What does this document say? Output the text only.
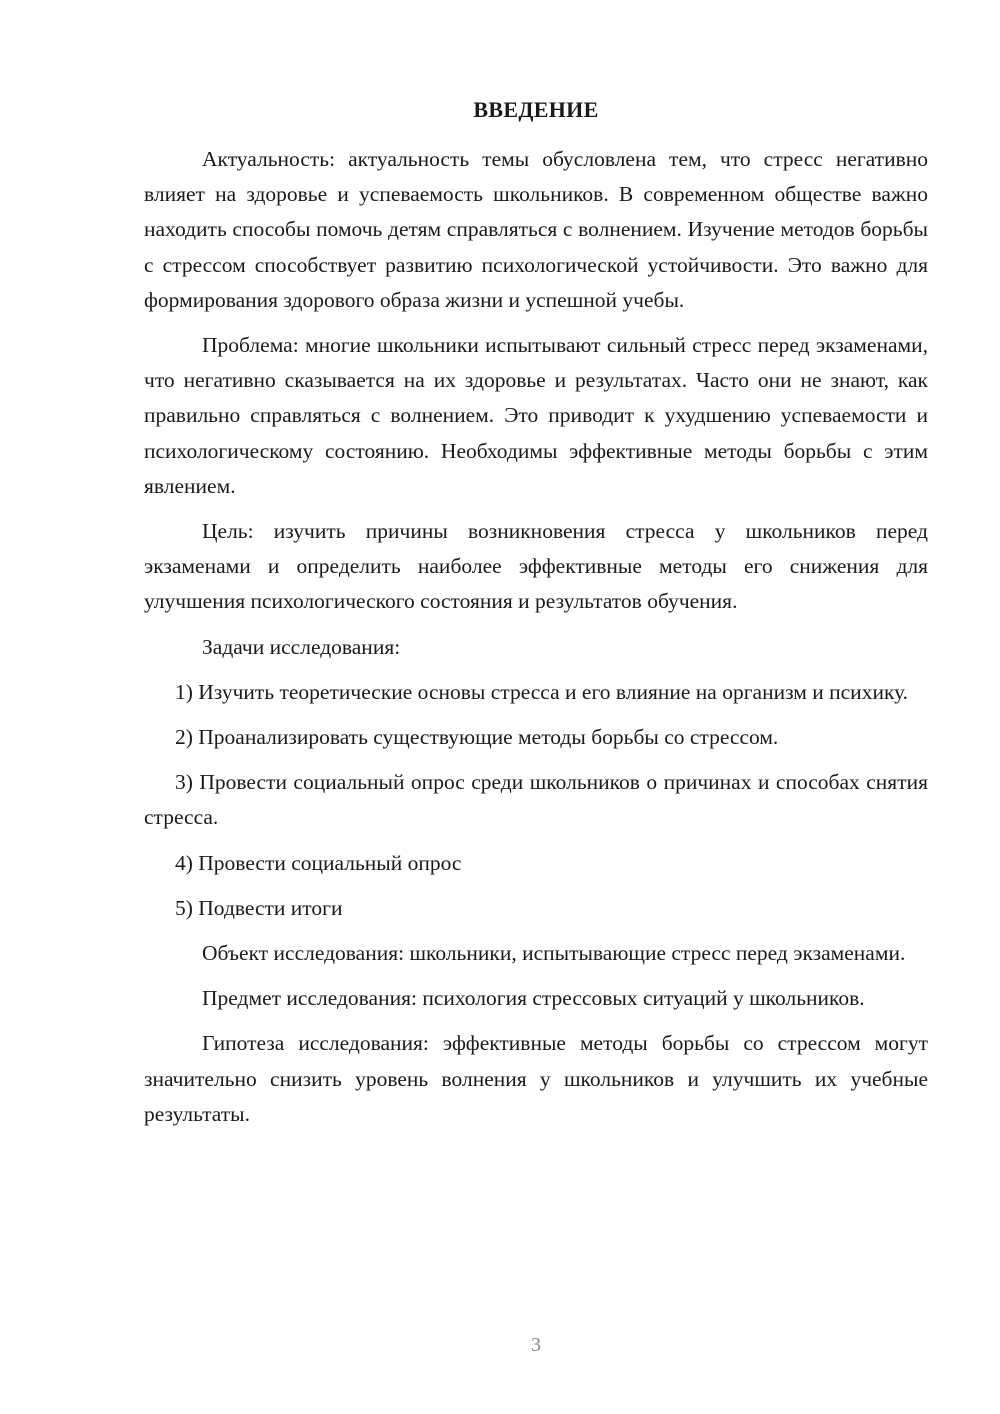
ВВЕДЕНИЕ

Актуальность: актуальность темы обусловлена тем, что стресс негативно влияет на здоровье и успеваемость школьников. В современном обществе важно находить способы помочь детям справляться с волнением. Изучение методов борьбы с стрессом способствует развитию психологической устойчивости. Это важно для формирования здорового образа жизни и успешной учебы.

Проблема: многие школьники испытывают сильный стресс перед экзаменами, что негативно сказывается на их здоровье и результатах. Часто они не знают, как правильно справляться с волнением. Это приводит к ухудшению успеваемости и психологическому состоянию. Необходимы эффективные методы борьбы с этим явлением.

Цель: изучить причины возникновения стресса у школьников перед экзаменами и определить наиболее эффективные методы его снижения для улучшения психологического состояния и результатов обучения.

Задачи исследования:

1) Изучить теоретические основы стресса и его влияние на организм и психику.

2) Проанализировать существующие методы борьбы со стрессом.

3) Провести социальный опрос среди школьников о причинах и способах снятия стресса.

4) Провести социальный опрос

5) Подвести итоги

Объект исследования: школьники, испытывающие стресс перед экзаменами.

Предмет исследования: психология стрессовых ситуаций у школьников.

Гипотеза исследования: эффективные методы борьбы со стрессом могут значительно снизить уровень волнения у школьников и улучшить их учебные результаты.

3
